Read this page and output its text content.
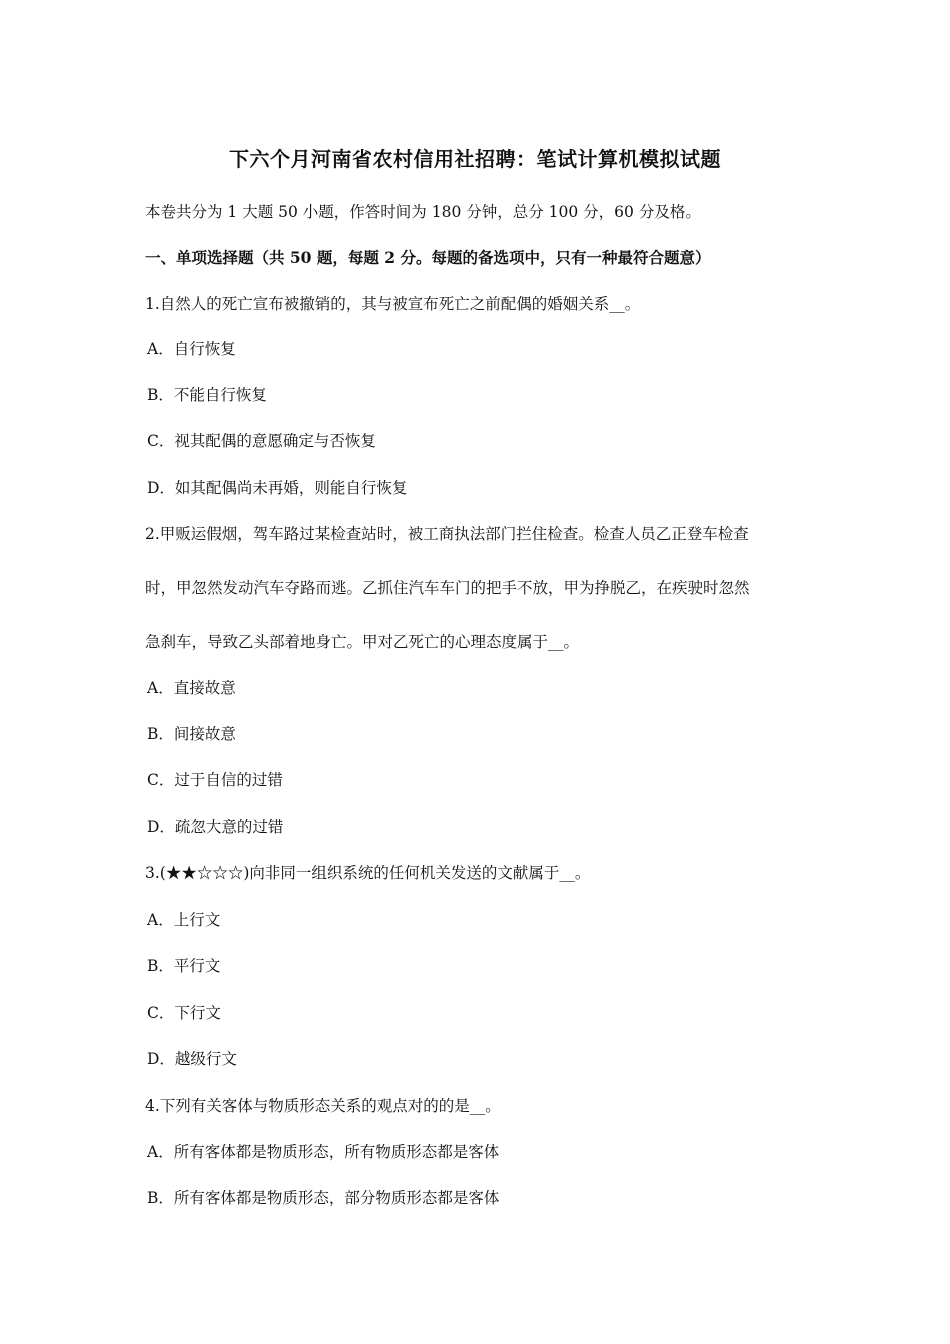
下六个月河南省农村信用社招聘：笔试计算机模拟试题
本卷共分为 1 大题 50 小题，作答时间为 180 分钟，总分 100 分，60 分及格。
一、单项选择题（共 50 题，每题 2 分。每题的备选项中，只有一种最符合题意）
1.自然人的死亡宣布被撤销的，其与被宣布死亡之前配偶的婚姻关系__。
A．自行恢复
B．不能自行恢复
C．视其配偶的意愿确定与否恢复
D．如其配偶尚未再婚，则能自行恢复
2.甲贩运假烟，驾车路过某检查站时，被工商执法部门拦住检查。检查人员乙正登车检查
时，甲忽然发动汽车夺路而逃。乙抓住汽车车门的把手不放，甲为挣脱乙，在疾驶时忽然
急刹车，导致乙头部着地身亡。甲对乙死亡的心理态度属于__。
A．直接故意
B．间接故意
C．过于自信的过错
D．疏忽大意的过错
3.(★★☆☆☆)向非同一组织系统的任何机关发送的文献属于__。
A．上行文
B．平行文
C．下行文
D．越级行文
4.下列有关客体与物质形态关系的观点对的的是__。
A．所有客体都是物质形态，所有物质形态都是客体
B．所有客体都是物质形态，部分物质形态都是客体
